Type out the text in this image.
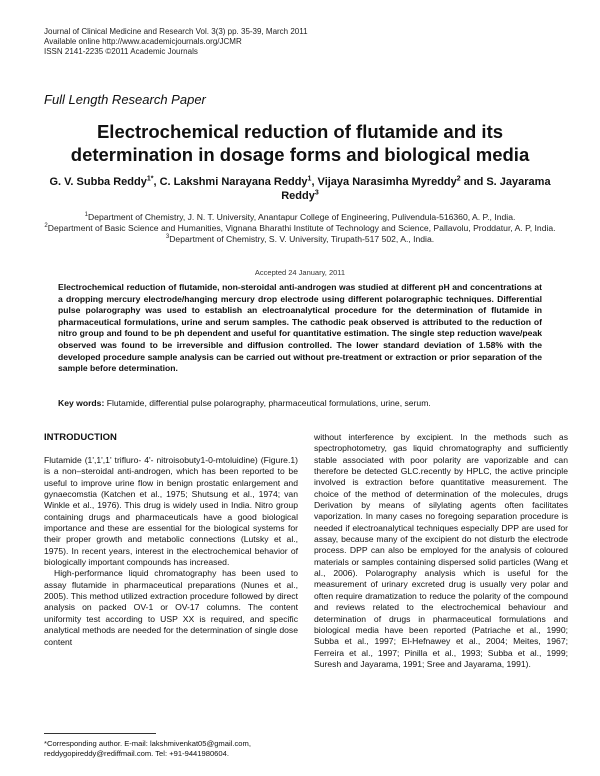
Journal of Clinical Medicine and Research Vol. 3(3) pp. 35-39, March 2011
Available online http://www.academicjournals.org/JCMR
ISSN 2141-2235 ©2011 Academic Journals
Full Length Research Paper
Electrochemical reduction of flutamide and its determination in dosage forms and biological media
G. V. Subba Reddy$^{1*}$, C. Lakshmi Narayana Reddy$^1$, Vijaya Narasimha Myreddy$^2$ and S. Jayarama Reddy$^3$
$^1$Department of Chemistry, J. N. T. University, Anantapur College of Engineering, Pulivendula-516360, A. P., India.
$^2$Department of Basic Science and Humanities, Vignana Bharathi Institute of Technology and Science, Pallavolu, Proddatur, A. P, India.
$^3$Department of Chemistry, S. V. University, Tirupath-517 502, A., India.
Accepted 24 January, 2011
Electrochemical reduction of flutamide, non-steroidal anti-androgen was studied at different pH and concentrations at a dropping mercury electrode/hanging mercury drop electrode using different polarographic techniques. Differential pulse polarography was used to establish an electroanalytical procedure for the determination of flutamide in pharmaceutical formulations, urine and serum samples. The cathodic peak observed is attributed to the reduction of nitro group and found to be ph dependent and useful for quantitative estimation. The single step reduction wave/peak observed was found to be irreversible and diffusion controlled. The lower standard deviation of 1.58% with the developed procedure sample analysis can be carried out without pre-treatment or extraction or prior separation of the sample before determination.
Key words: Flutamide, differential pulse polarography, pharmaceutical formulations, urine, serum.
INTRODUCTION

Flutamide (1',1',1' trifluro- 4'- nitroisobuty1-0-mtoluidine) (Figure.1) is a non–steroidal anti-androgen, which has been reported to be useful to improve urine flow in benign prostatic enlargement and gynaecomstia (Katchen et al., 1975; Shutsung et al., 1974; van Winkle et al., 1976). This drug is widely used in India. Nitro group containing drugs and pharmaceuticals have a good biological importance and these are essential for the biological systems for their proper growth and metabolic connections (Lutsky et al., 1975). In recent years, interest in the electrochemical behavior of biologically important compounds has increased.

High-performance liquid chromatography has been used to assay flutamide in pharmaceutical preparations (Nunes et al., 2005). This method utilized extraction procedure followed by direct analysis on packed OV-1 or OV-17 columns. The content uniformity test according to USP XX is required, and specific analytical methods are needed for the determination of single dose content

without interference by excipient. In the methods such as spectrophotometry, gas liquid chromatography and sufficiently stable associated with poor polarity are vaporizable and can therefore be detected GLC.recently by HPLC, the active principle involved is extraction before quantitative measurement. The choice of the method of determination of the molecules, drugs Derivation by means of silylating agents often facilitates vaporization. In many cases no foregoing separation procedure is needed if electroanalytical techniques especially DPP are used for assay, because many of the excipient do not disturb the electrode process. DPP can also be employed for the analysis of coloured materials or samples containing dispersed solid particles (Wang et al., 2006). Polarography analysis which is useful for the measurement of urinary excreted drug is usually very polar and often require dramatization to reduce the polarity of the compound and reviews related to the electrochemical behaviour and determination of drugs in pharmaceutical formulations and biological media have been reported (Patriache et al., 1990; Subba et al., 1997; El-Hefnawey et al., 2004; Meites, 1967; Ferreira et al., 1997; Pinilla et al., 1993; Subba et al., 1999; Suresh and Jayarama, 1991; Sree and Jayarama, 1991).

*Corresponding author. E-mail: lakshmivenkat05@gmail.com, reddygopireddy@rediffmail.com. Tel: +91-9441980604.
